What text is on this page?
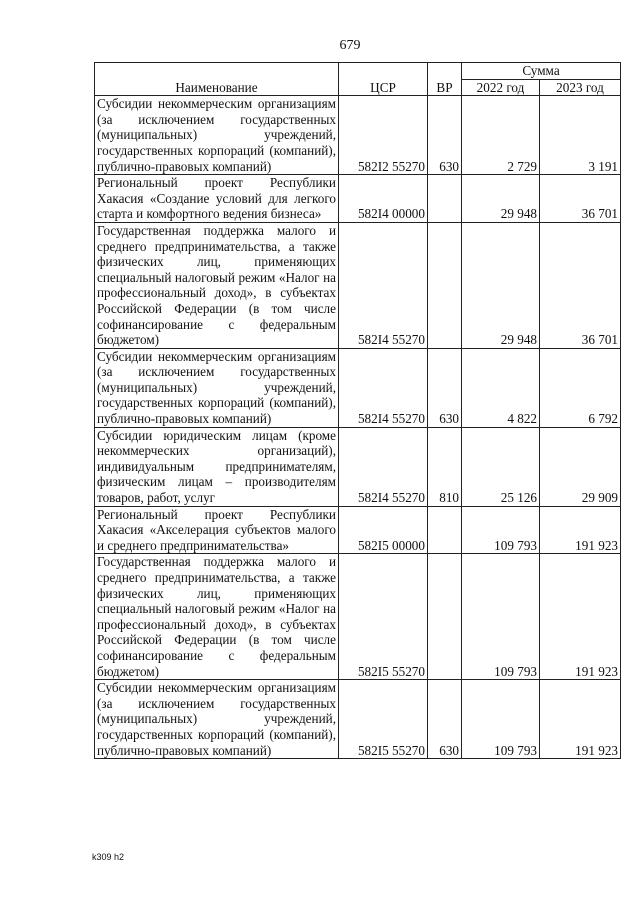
679
Наименование	ЦСР	ВР	Сумма	
			2022 год	2023 год
Субсидии некоммерческим организациям (за исключением государственных (муниципальных) учреждений, государственных корпораций (компаний), публично-правовых компаний)	582I2 55270	630	2 729	3 191
Региональный проект Республики Хакасия «Создание условий для легкого старта и комфортного ведения бизнеса»	582I4 00000		29 948	36 701
Государственная поддержка малого и среднего предпринимательства, а также физических лиц, применяющих специальный налоговый режим «Налог на профессиональный доход», в субъектах Российской Федерации (в том числе софинансирование с федеральным бюджетом)	582I4 55270		29 948	36 701
Субсидии некоммерческим организациям (за исключением государственных (муниципальных) учреждений, государственных корпораций (компаний), публично-правовых компаний)	582I4 55270	630	4 822	6 792
Субсидии юридическим лицам (кроме некоммерческих организаций), индивидуальным предпринимателям, физическим лицам – производителям товаров, работ, услуг	582I4 55270	810	25 126	29 909
Региональный проект Республики Хакасия «Акселерация субъектов малого и среднего предпринимательства»	582I5 00000		109 793	191 923
Государственная поддержка малого и среднего предпринимательства, а также физических лиц, применяющих специальный налоговый режим «Налог на профессиональный доход», в субъектах Российской Федерации (в том числе софинансирование с федеральным бюджетом)	582I5 55270		109 793	191 923
Субсидии некоммерческим организациям (за исключением государственных (муниципальных) учреждений, государственных корпораций (компаний), публично-правовых компаний)	582I5 55270	630	109 793	191 923
k309 h2
